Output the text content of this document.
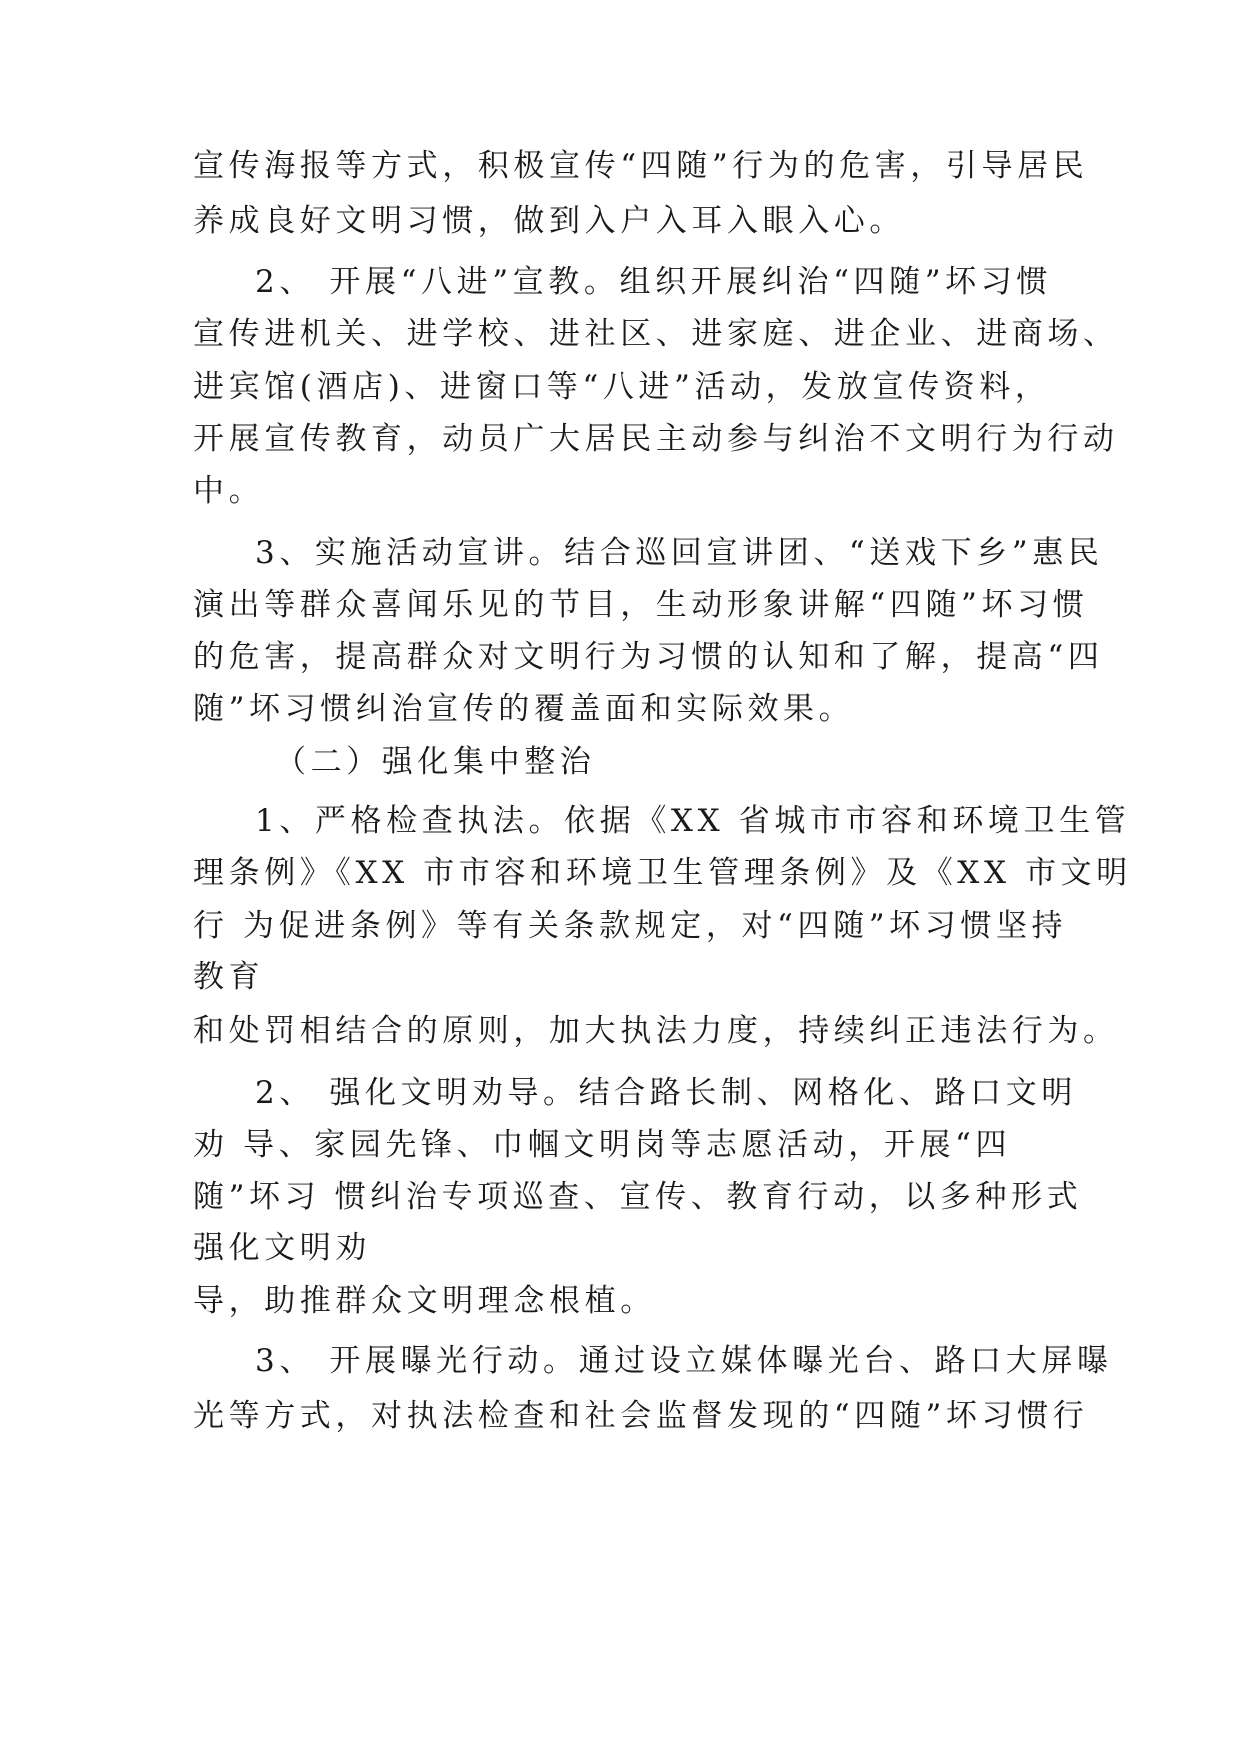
宣传海报等方式，积极宣传“四随”行为的危害，引导居民

养成良好文明习惯，做到入户入耳入眼入心。

2、 开展“八进”宣教。组织开展纠治“四随”坏习惯

宣传进机关、进学校、进社区、进家庭、进企业、进商场、

进宾馆(酒店)、进窗口等“八进”活动，发放宣传资料，

开展宣传教育，动员广大居民主动参与纠治不文明行为行动

中。

3、实施活动宣讲。结合巡回宣讲团、“送戏下乡”惠民

演出等群众喜闻乐见的节目，生动形象讲解“四随”坏习惯

的危害，提高群众对文明行为习惯的认知和了解，提高“四

随”坏习惯纠治宣传的覆盖面和实际效果。

（二）强化集中整治

1、严格检查执法。依据《XX 省城市市容和环境卫生管

理条例》《XX 市市容和环境卫生管理条例》及《XX 市文明

行 为促进条例》等有关条款规定，对“四随”坏习惯坚持

教育

和处罚相结合的原则，加大执法力度，持续纠正违法行为。

2、 强化文明劝导。结合路长制、网格化、路口文明

劝 导、家园先锋、巾帼文明岗等志愿活动，开展“四

随”坏习 惯纠治专项巡查、宣传、教育行动，以多种形式

强化文明劝

导，助推群众文明理念根植。

3、 开展曝光行动。通过设立媒体曝光台、路口大屏曝

光等方式，对执法检查和社会监督发现的“四随”坏习惯行
